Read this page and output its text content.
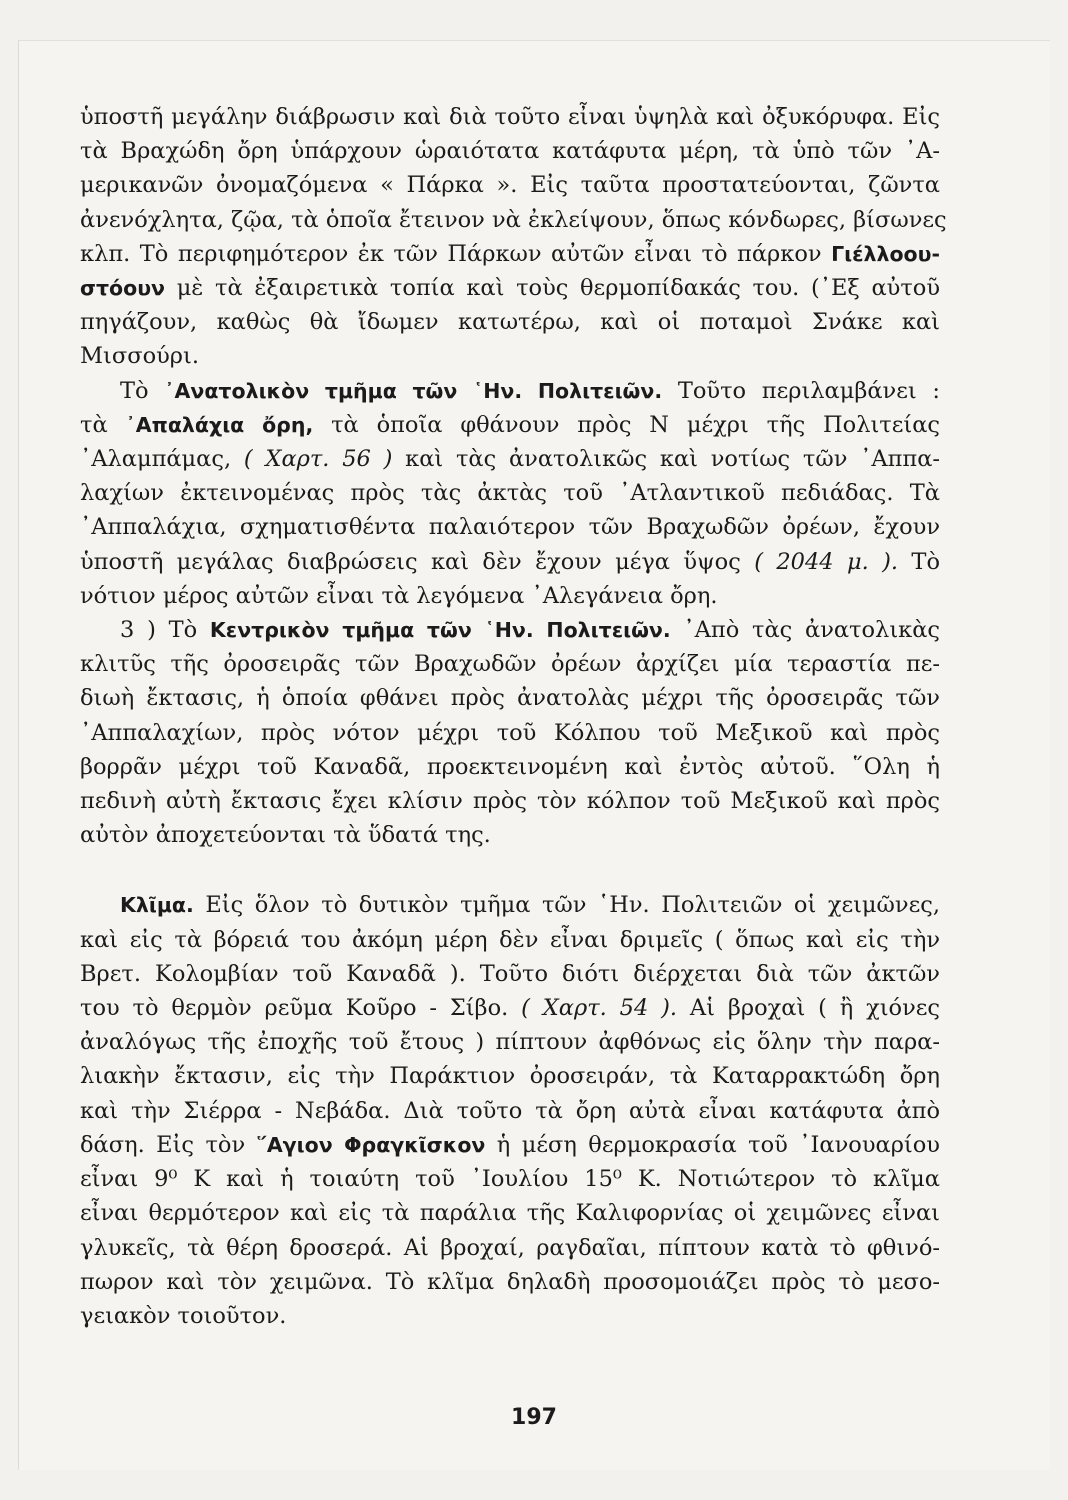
ὑποστῆ μεγάλην διάβρωσιν καὶ διὰ τοῦτο εἶναι ὑψηλὰ καὶ ὀξυκόρυφα. Εἰς
τὰ Βραχώδη ὄρη ὑπάρχουν ὡραιότατα κατάφυτα μέρη, τὰ ὑπὸ τῶν ᾽Α-
μερικανῶν ὀνομαζόμενα « Πάρκα ». Εἰς ταῦτα προστατεύονται, ζῶντα
ἀνενόχλητα, ζῷα, τὰ ὁποῖα ἔτεινον νὰ ἐκλείψουν, ὅπως κόνδωρες, βίσωνες
κλπ. Τὸ περιφημότερον ἐκ τῶν Πάρκων αὐτῶν εἶναι τὸ πάρκον Γιέλλοου-
στόουν μὲ τὰ ἐξαιρετικὰ τοπία καὶ τοὺς θερμοπίδακάς του. (᾽Εξ αὐτοῦ
πηγάζουν, καθὼς θὰ ἴδωμεν κατωτέρω, καὶ οἱ ποταμοὶ Σνάκε καὶ
Μισσούρι.
Τὸ ᾽Ανατολικὸν τμῆμα τῶν ῾Ην. Πολιτειῶν. Τοῦτο περιλαμβάνει :
τὰ ᾽Απαλάχια ὄρη, τὰ ὁποῖα φθάνουν πρὸς Ν μέχρι τῆς Πολιτείας
᾽Αλαμπάμας, ( Χαρτ. 56 ) καὶ τὰς ἀνατολικῶς καὶ νοτίως τῶν ᾽Αππα-
λαχίων ἐκτεινομένας πρὸς τὰς ἀκτὰς τοῦ ᾽Ατλαντικοῦ πεδιάδας. Τὰ
᾽Αππαλάχια, σχηματισθέντα παλαιότερον τῶν Βραχωδῶν ὀρέων, ἔχουν
ὑποστῆ μεγάλας διαβρώσεις καὶ δὲν ἔχουν μέγα ὕψος ( 2044 μ. ). Τὸ
νότιον μέρος αὐτῶν εἶναι τὰ λεγόμενα ᾽Αλεγάνεια ὄρη.
3 ) Τὸ Κεντρικὸν τμῆμα τῶν ῾Ην. Πολιτειῶν. ᾽Απὸ τὰς ἀνατολικὰς
κλιτῦς τῆς ὀροσειρᾶς τῶν Βραχωδῶν ὀρέων ἀρχίζει μία τεραστία πε-
διωὴ ἔκτασις, ἡ ὁποία φθάνει πρὸς ἀνατολὰς μέχρι τῆς ὀροσειρᾶς τῶν
᾽Αππαλαχίων, πρὸς νότον μέχρι τοῦ Κόλπου τοῦ Μεξικοῦ καὶ πρὸς
βορρᾶν μέχρι τοῦ Καναδᾶ, προεκτεινομένη καὶ ἐντὸς αὐτοῦ. ῞Ολη ἡ
πεδινὴ αὐτὴ ἔκτασις ἔχει κλίσιν πρὸς τὸν κόλπον τοῦ Μεξικοῦ καὶ πρὸς
αὐτὸν ἀποχετεύονται τὰ ὕδατά της.
Κλῖμα. Εἰς ὅλον τὸ δυτικὸν τμῆμα τῶν ῾Ην. Πολιτειῶν οἱ χειμῶνες,
καὶ εἰς τὰ βόρειά του ἀκόμη μέρη δὲν εἶναι δριμεῖς ( ὅπως καὶ εἰς τὴν
Βρετ. Κολομβίαν τοῦ Καναδᾶ ). Τοῦτο διότι διέρχεται διὰ τῶν ἀκτῶν
του τὸ θερμὸν ρεῦμα Κοῦρο - Σίβο. ( Χαρτ. 54 ). Αἱ βροχαὶ ( ἢ χιόνες
ἀναλόγως τῆς ἐποχῆς τοῦ ἔτους ) πίπτουν ἀφθόνως εἰς ὅλην τὴν παρα-
λιακὴν ἔκτασιν, εἰς τὴν Παράκτιον ὀροσειράν, τὰ Καταρρακτώδη ὄρη
καὶ τὴν Σιέρρα - Νεβάδα. Διὰ τοῦτο τὰ ὄρη αὐτὰ εἶναι κατάφυτα ἀπὸ
δάση. Εἰς τὸν ῞Αγιον Φραγκῖσκον ἡ μέση θερμοκρασία τοῦ ᾽Ιανουαρίου
εἶναι 9⁰ Κ καὶ ἡ τοιαύτη τοῦ ᾽Ιουλίου 15⁰ Κ. Νοτιώτερον τὸ κλῖμα
εἶναι θερμότερον καὶ εἰς τὰ παράλια τῆς Καλιφορνίας οἱ χειμῶνες εἶναι
γλυκεῖς, τὰ θέρη δροσερά. Αἱ βροχαί, ραγδαῖαι, πίπτουν κατὰ τὸ φθινό-
πωρον καὶ τὸν χειμῶνα. Τὸ κλῖμα δηλαδὴ προσομοιάζει πρὸς τὸ μεσο-
γειακὸν τοιοῦτον.
197
